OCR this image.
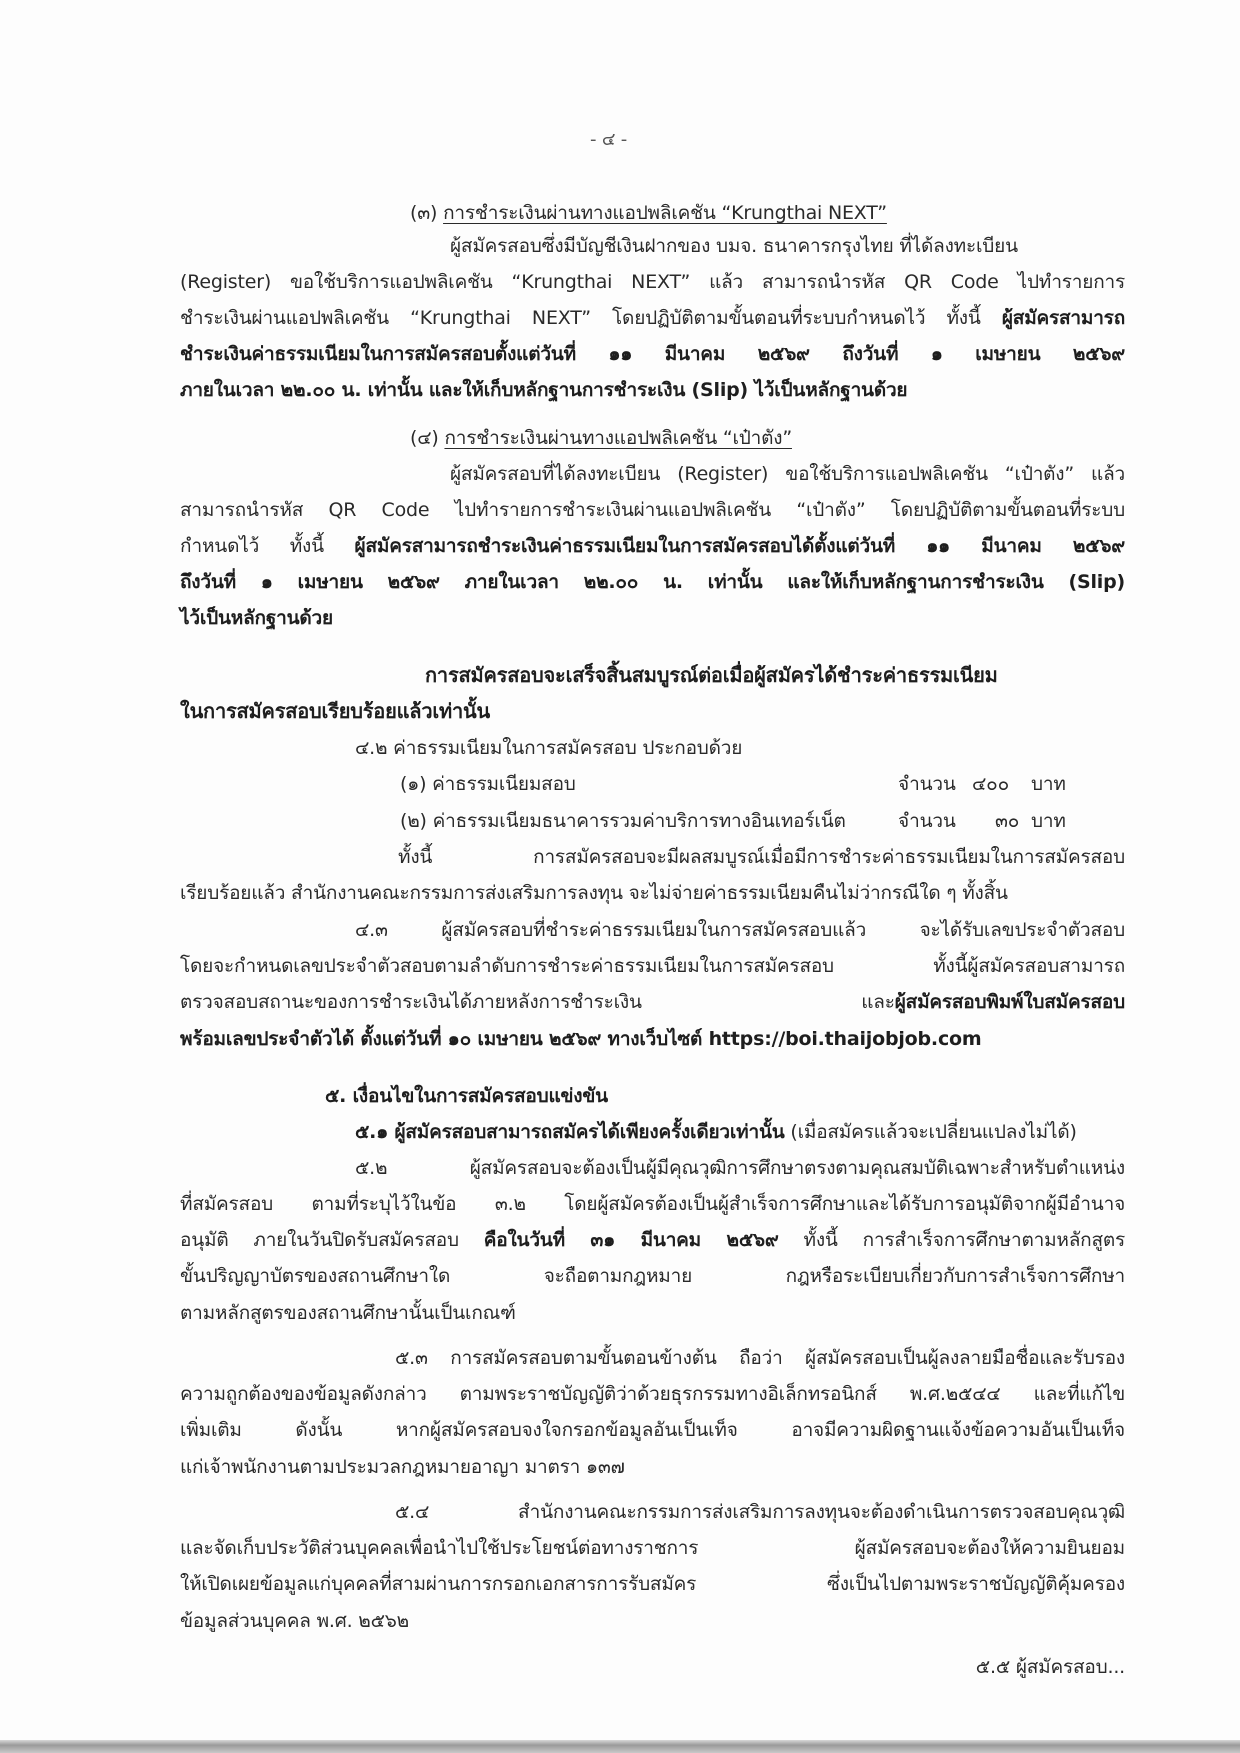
- ๔ -
(๓) การชำระเงินผ่านทางแอปพลิเคชัน “Krungthai NEXT”
ผู้สมัครสอบซึ่งมีบัญชีเงินฝากของ บมจ. ธนาคารกรุงไทย ที่ได้ลงทะเบียน
(Register) ขอใช้บริการแอปพลิเคชัน “Krungthai NEXT” แล้ว สามารถนำรหัส QR Code ไปทำรายการ
ชำระเงินผ่านแอปพลิเคชัน “Krungthai NEXT” โดยปฏิบัติตามขั้นตอนที่ระบบกำหนดไว้ ทั้งนี้ ผู้สมัครสามารถ
ชำระเงินค่าธรรมเนียมในการสมัครสอบตั้งแต่วันที่ ๑๑ มีนาคม ๒๕๖๙ ถึงวันที่ ๑ เมษายน ๒๕๖๙
ภายในเวลา ๒๒.๐๐ น. เท่านั้น และให้เก็บหลักฐานการชำระเงิน (Slip) ไว้เป็นหลักฐานด้วย
(๔) การชำระเงินผ่านทางแอปพลิเคชัน “เป๋าตัง”
ผู้สมัครสอบที่ได้ลงทะเบียน (Register) ขอใช้บริการแอปพลิเคชัน “เป๋าตัง” แล้ว
สามารถนำรหัส QR Code ไปทำรายการชำระเงินผ่านแอปพลิเคชัน “เป๋าตัง” โดยปฏิบัติตามขั้นตอนที่ระบบ
กำหนดไว้ ทั้งนี้ ผู้สมัครสามารถชำระเงินค่าธรรมเนียมในการสมัครสอบได้ตั้งแต่วันที่ ๑๑ มีนาคม ๒๕๖๙
ถึงวันที่ ๑ เมษายน ๒๕๖๙ ภายในเวลา ๒๒.๐๐ น. เท่านั้น และให้เก็บหลักฐานการชำระเงิน (Slip)
ไว้เป็นหลักฐานด้วย
การสมัครสอบจะเสร็จสิ้นสมบูรณ์ต่อเมื่อผู้สมัครได้ชำระค่าธรรมเนียม
ในการสมัครสอบเรียบร้อยแล้วเท่านั้น
๔.๒ ค่าธรรมเนียมในการสมัครสอบ ประกอบด้วย
(๑) ค่าธรรมเนียมสอบ	จำนวน ๔๐๐ บาท
(๒) ค่าธรรมเนียมธนาคารรวมค่าบริการทางอินเทอร์เน็ต	จำนวน ๓๐ บาท
ทั้งนี้ การสมัครสอบจะมีผลสมบูรณ์เมื่อมีการชำระค่าธรรมเนียมในการสมัครสอบ
เรียบร้อยแล้ว สำนักงานคณะกรรมการส่งเสริมการลงทุน จะไม่จ่ายค่าธรรมเนียมคืนไม่ว่ากรณีใด ๆ ทั้งสิ้น
๔.๓ ผู้สมัครสอบที่ชำระค่าธรรมเนียมในการสมัครสอบแล้ว จะได้รับเลขประจำตัวสอบ
โดยจะกำหนดเลขประจำตัวสอบตามลำดับการชำระค่าธรรมเนียมในการสมัครสอบ ทั้งนี้ผู้สมัครสอบสามารถ
ตรวจสอบสถานะของการชำระเงินได้ภายหลังการชำระเงิน และผู้สมัครสอบพิมพ์ใบสมัครสอบ
พร้อมเลขประจำตัวได้ ตั้งแต่วันที่ ๑๐ เมษายน ๒๕๖๙ ทางเว็บไซต์ https://boi.thaijobjob.com
๕. เงื่อนไขในการสมัครสอบแข่งขัน
๕.๑ ผู้สมัครสอบสามารถสมัครได้เพียงครั้งเดียวเท่านั้น (เมื่อสมัครแล้วจะเปลี่ยนแปลงไม่ได้)
๕.๒ ผู้สมัครสอบจะต้องเป็นผู้มีคุณวุฒิการศึกษาตรงตามคุณสมบัติเฉพาะสำหรับตำแหน่ง
ที่สมัครสอบ ตามที่ระบุไว้ในข้อ ๓.๒ โดยผู้สมัครต้องเป็นผู้สำเร็จการศึกษาและได้รับการอนุมัติจากผู้มีอำนาจ
อนุมัติ ภายในวันปิดรับสมัครสอบ คือในวันที่ ๓๑ มีนาคม ๒๕๖๙ ทั้งนี้ การสำเร็จการศึกษาตามหลักสูตร
ขั้นปริญญาบัตรของสถานศึกษาใด จะถือตามกฎหมาย กฎหรือระเบียบเกี่ยวกับการสำเร็จการศึกษา
ตามหลักสูตรของสถานศึกษานั้นเป็นเกณฑ์
๕.๓ การสมัครสอบตามขั้นตอนข้างต้น ถือว่า ผู้สมัครสอบเป็นผู้ลงลายมือชื่อและรับรอง
ความถูกต้องของข้อมูลดังกล่าว ตามพระราชบัญญัติว่าด้วยธุรกรรมทางอิเล็กทรอนิกส์ พ.ศ.๒๕๔๔ และที่แก้ไข
เพิ่มเติม ดังนั้น หากผู้สมัครสอบจงใจกรอกข้อมูลอันเป็นเท็จ อาจมีความผิดฐานแจ้งข้อความอันเป็นเท็จ
แก่เจ้าพนักงานตามประมวลกฎหมายอาญา มาตรา ๑๓๗
๕.๔ สำนักงานคณะกรรมการส่งเสริมการลงทุนจะต้องดำเนินการตรวจสอบคุณวุฒิ
และจัดเก็บประวัติส่วนบุคคลเพื่อนำไปใช้ประโยชน์ต่อทางราชการ ผู้สมัครสอบจะต้องให้ความยินยอม
ให้เปิดเผยข้อมูลแก่บุคคลที่สามผ่านการกรอกเอกสารการรับสมัคร ซึ่งเป็นไปตามพระราชบัญญัติคุ้มครอง
ข้อมูลส่วนบุคคล พ.ศ. ๒๕๖๒
๕.๕ ผู้สมัครสอบ...
